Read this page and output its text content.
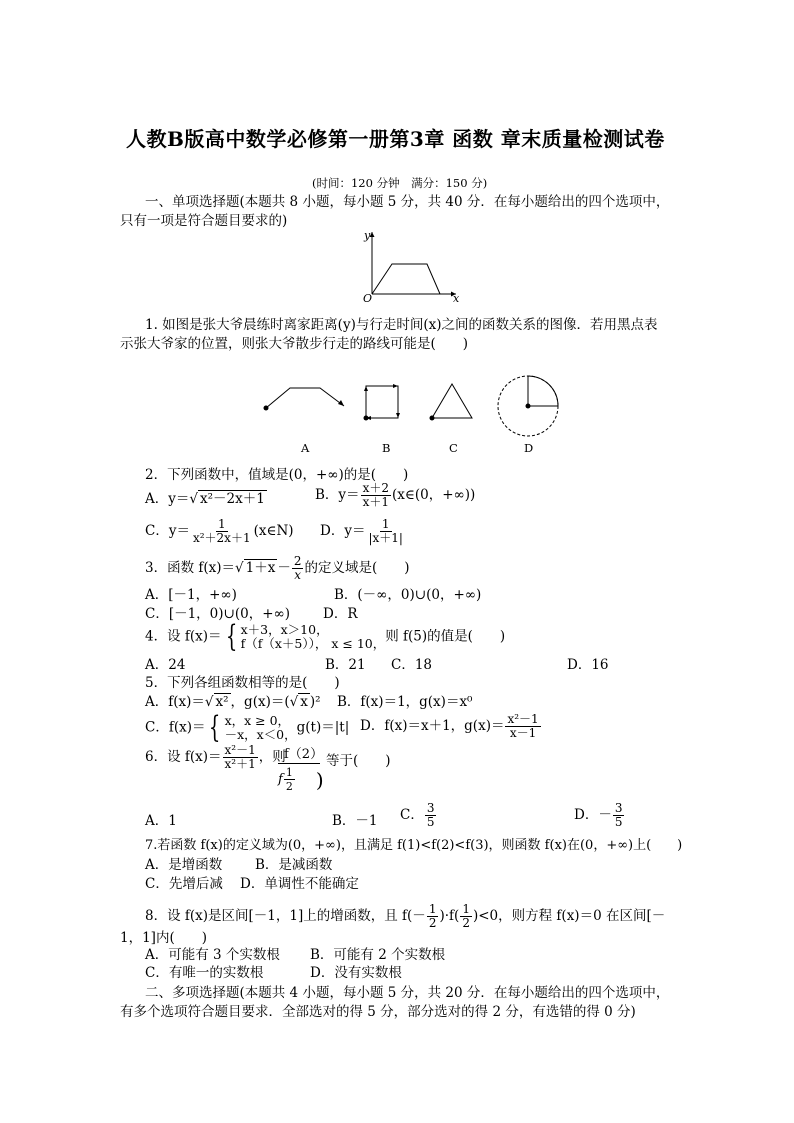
人教B版高中数学必修第一册第3章 函数 章末质量检测试卷
(时间：120 分钟　满分：150 分)
一、单项选择题(本题共 8 小题，每小题 5 分，共 40 分．在每小题给出的四个选项中，
只有一项是符合题目要求的)
y
x
O
1. 如图是张大爷晨练时离家距离(y)与行走时间(x)之间的函数关系的图像．若用黑点表
示张大爷家的位置，则张大爷散步行走的路线可能是(　　)
A	B	C	D
2．下列函数中，值域是(0，+∞)的是(　　)
A．y＝√ x²－2x＋1	B．$y= \frac{x+2}{x+1}$ (x∈(0，+∞))
C．$y= \frac{1}{\text{x²＋2x＋1}}$ (x∈N) D．$y= \frac{1}{|x+1|}$
3．函数 f(x)＝√ $1+x - \frac{2}{x}$ 的定义域是(　　)
A．[－1，+∞)	B．(－∞，0)∪(0，+∞)
C．[－1，0)∪(0，+∞) D．R
4．设 f(x)＝ { x＋3，x＞10，
f（f（x＋5））， x ≤ 10， 则 f(5)的值是(　　)
A．24	B．21 C．18	D．16
5．下列各组函数相等的是(　　)
A．f(x)＝√ x² ，g(x)＝(√ x )² B．f(x)＝1，g(x)＝x⁰
C．f(x)＝ { x，x ≥ 0，
－x，x＜0， g(t)＝|t| D．f(x)＝x＋1，$g(x)= \frac{\text{x²－1}}{x-1}$
6．设 $f(x)= \frac{\text{x²－1}}{\text{x²＋1}}$ ，则
f（2）
f $\frac{1}{2}$ )
等于(　　)
A．1	B．－1 C． $\frac{3}{5}$	D．－ $\frac{3}{5}$
7.若函数 f(x)的定义域为(0，+∞)，且满足 f(1)<f(2)<f(3)，则函数 f(x)在(0，+∞)上(　　)
A．是增函数 B．是减函数
C．先增后减 D．单调性不能确定
8．设 f(x)是区间[－1，1]上的增函数，且 $f(- \frac{1}{2} )\cdot f( \frac{1}{2} )<0$，则方程 f(x)＝0 在区间[－
1，1]内(　　)
A．可能有 3 个实数根 B．可能有 2 个实数根
C．有唯一的实数根	D．没有实数根
二、多项选择题(本题共 4 小题，每小题 5 分，共 20 分．在每小题给出的四个选项中，
有多个选项符合题目要求．全部选对的得 5 分，部分选对的得 2 分，有选错的得 0 分)
